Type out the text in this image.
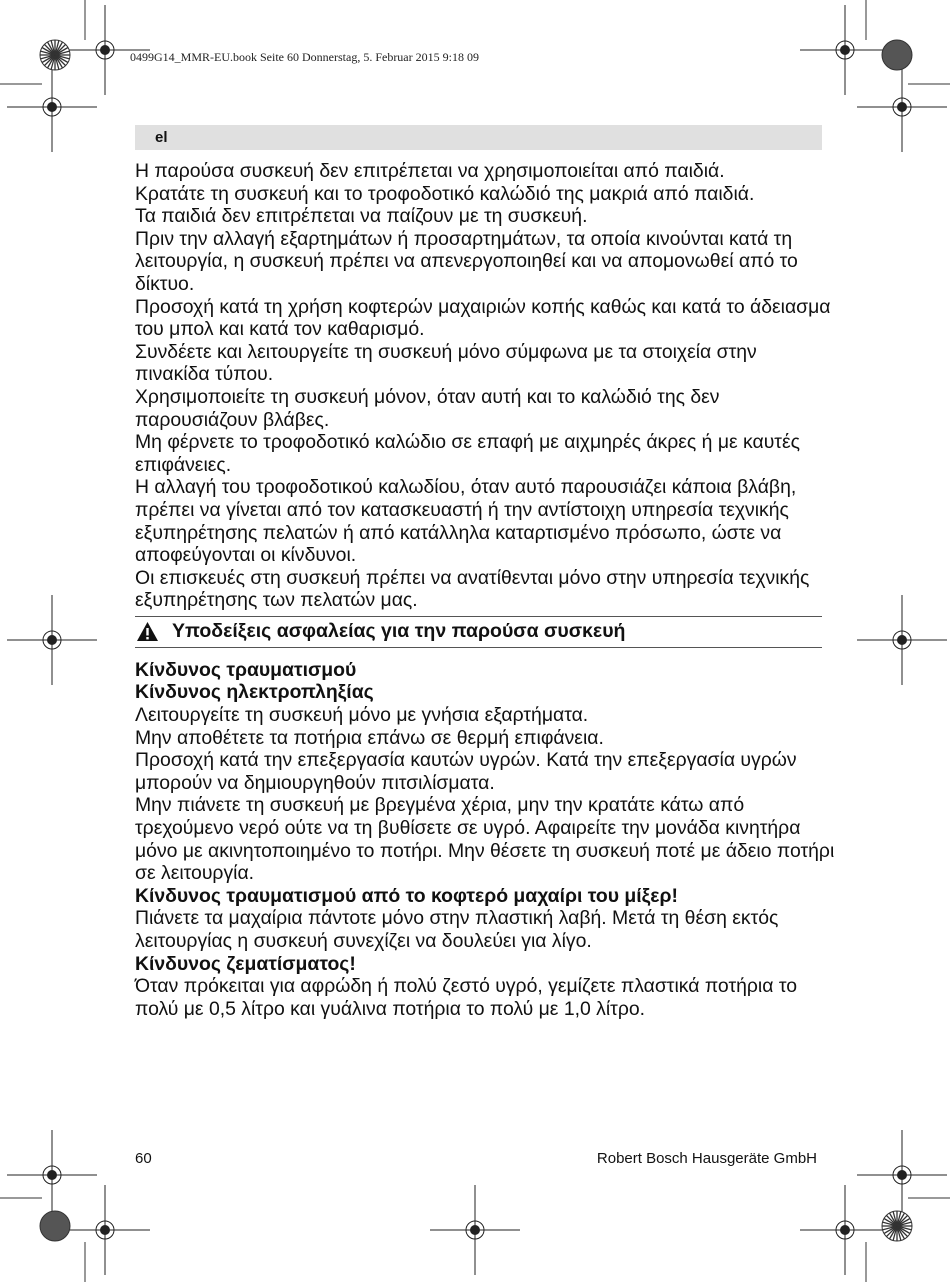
0499G14_MMR-EU.book Seite 60 Donnerstag, 5. Februar 2015 9:18 09
el

Η παρούσα συσκευή δεν επιτρέπεται να χρησιμοποιείται από παιδιά.

Κρατάτε τη συσκευή και το τροφοδοτικό καλώδιό της μακριά από παιδιά.

Τα παιδιά δεν επιτρέπεται να παίζουν με τη συσκευή.

Πριν την αλλαγή εξαρτημάτων ή προσαρτημάτων, τα οποία κινούνται κατά τη λειτουργία, η συσκευή πρέπει να απενεργοποιηθεί και να απομονωθεί από το δίκτυο.

Προσοχή κατά τη χρήση κοφτερών μαχαιριών κοπής καθώς και κατά το άδειασμα του μπολ και κατά τον καθαρισμό.

Συνδέετε και λειτουργείτε τη συσκευή μόνο σύμφωνα με τα στοιχεία στην πινακίδα τύπου.

Χρησιμοποιείτε τη συσκευή μόνον, όταν αυτή και το καλώδιό της δεν παρουσιάζουν βλάβες.

Μη φέρνετε το τροφοδοτικό καλώδιο σε επαφή με αιχμηρές άκρες ή με καυτές επιφάνειες.

Η αλλαγή του τροφοδοτικού καλωδίου, όταν αυτό παρουσιάζει κάποια βλάβη, πρέπει να γίνεται από τον κατασκευαστή ή την αντίστοιχη υπηρεσία τεχνικής εξυπηρέτησης πελατών ή από κατάλληλα καταρτισμένο πρόσωπο, ώστε να αποφεύγονται οι κίνδυνοι.

Οι επισκευές στη συσκευή πρέπει να ανατίθενται μόνο στην υπηρεσία τεχνικής εξυπηρέτησης των πελατών μας.

Υποδείξεις ασφαλείας για την παρούσα συσκευή

Κίνδυνος τραυματισμού

Κίνδυνος ηλεκτροπληξίας

Λειτουργείτε τη συσκευή μόνο με γνήσια εξαρτήματα.

Μην αποθέτετε τα ποτήρια επάνω σε θερμή επιφάνεια.

Προσοχή κατά την επεξεργασία καυτών υγρών. Κατά την επεξεργασία υγρών μπορούν να δημιουργηθούν πιτσιλίσματα.

Μην πιάνετε τη συσκευή με βρεγμένα χέρια, μην την κρατάτε κάτω από τρεχούμενο νερό ούτε να τη βυθίσετε σε υγρό. Αφαιρείτε την μονάδα κινητήρα μόνο με ακινητοποιημένο το ποτήρι. Μην θέσετε τη συσκευή ποτέ με άδειο ποτήρι σε λειτουργία.

Κίνδυνος τραυματισμού από το κοφτερό μαχαίρι του μίξερ!

Πιάνετε τα μαχαίρια πάντοτε μόνο στην πλαστική λαβή. Μετά τη θέση εκτός λειτουργίας η συσκευή συνεχίζει να δουλεύει για λίγο.

Κίνδυνος ζεματίσματος!

Όταν πρόκειται για αφρώδη ή πολύ ζεστό υγρό, γεμίζετε πλαστικά ποτήρια το πολύ με 0,5 λίτρο και γυάλινα ποτήρια το πολύ με 1,0 λίτρο.

60	Robert Bosch Hausgeräte GmbH
